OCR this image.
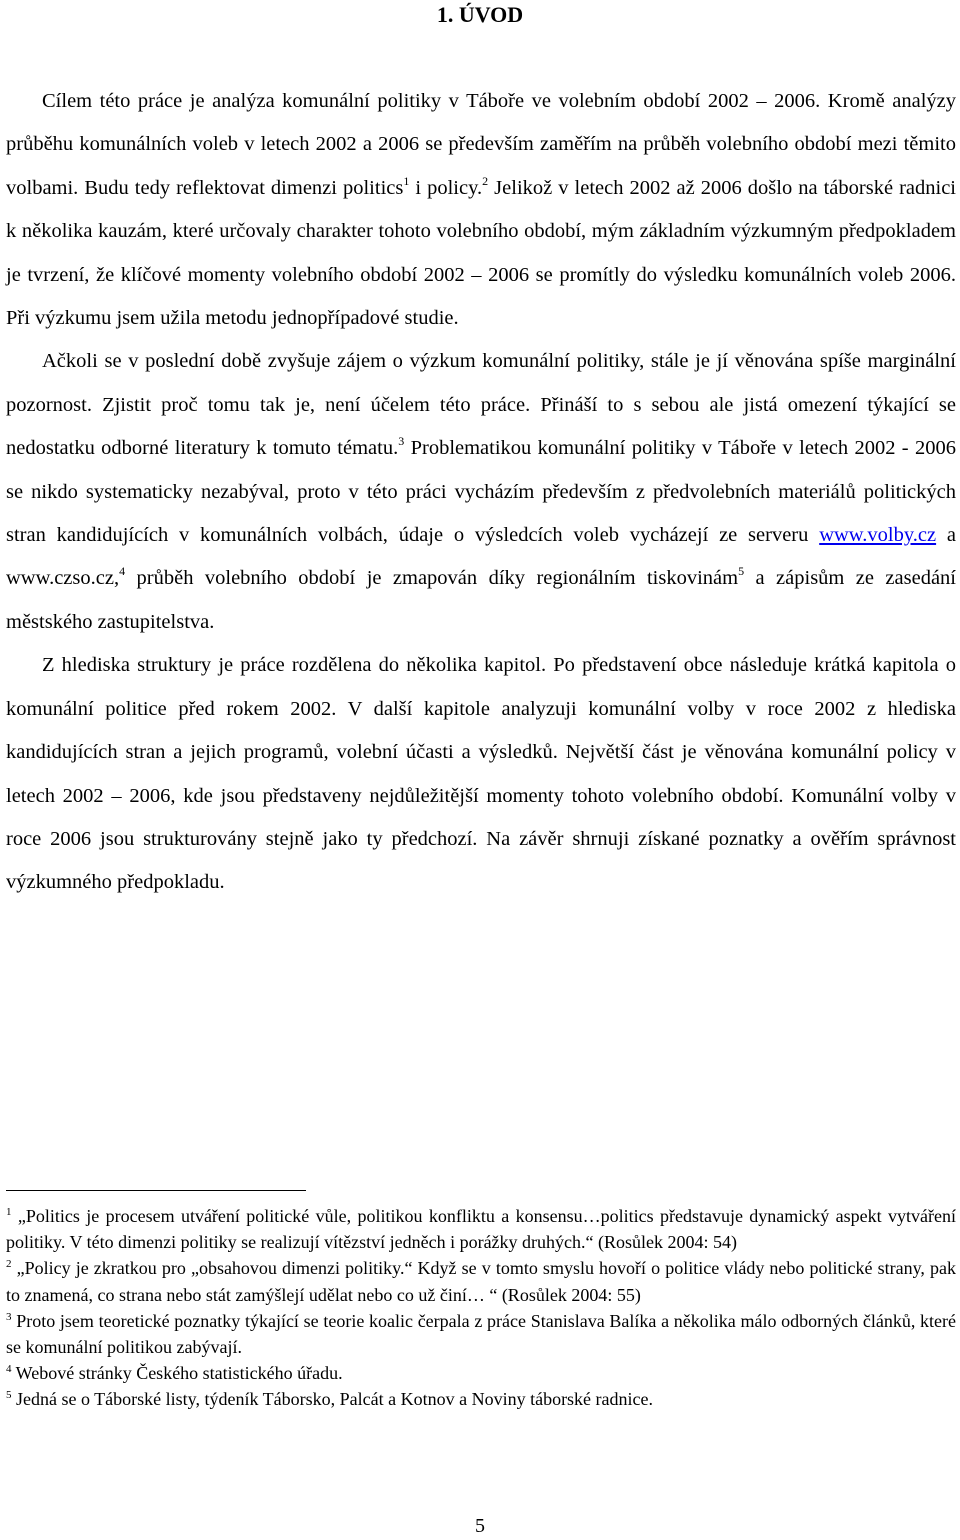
1. ÚVOD

Cílem této práce je analýza komunální politiky v Táboře ve volebním období 2002 – 2006. Kromě analýzy průběhu komunálních voleb v letech 2002 a 2006 se především zaměřím na průběh volebního období mezi těmito volbami. Budu tedy reflektovat dimenzi politics$^1$ i policy.$^2$ Jelikož v letech 2002 až 2006 došlo na táborské radnici k několika kauzám, které určovaly charakter tohoto volebního období, mým základním výzkumným předpokladem je tvrzení, že klíčové momenty volebního období 2002 – 2006 se promítly do výsledku komunálních voleb 2006. Při výzkumu jsem užila metodu jednopřípadové studie.

Ačkoli se v poslední době zvyšuje zájem o výzkum komunální politiky, stále je jí věnována spíše marginální pozornost. Zjistit proč tomu tak je, není účelem této práce. Přináší to s sebou ale jistá omezení týkající se nedostatku odborné literatury k tomuto tématu.$^3$ Problematikou komunální politiky v Táboře v letech 2002 - 2006 se nikdo systematicky nezabýval, proto v této práci vycházím především z předvolebních materiálů politických stran kandidujících v komunálních volbách, údaje o výsledcích voleb vycházejí ze serveru www.volby.cz a www.czso.cz,$^4$ průběh volebního období je zmapován díky regionálním tiskovinám$^5$ a zápisům ze zasedání městského zastupitelstva.

Z hlediska struktury je práce rozdělena do několika kapitol. Po představení obce následuje krátká kapitola o komunální politice před rokem 2002. V další kapitole analyzuji komunální volby v roce 2002 z hlediska kandidujících stran a jejich programů, volební účasti a výsledků. Největší část je věnována komunální policy v letech 2002 – 2006, kde jsou představeny nejdůležitější momenty tohoto volebního období. Komunální volby v roce 2006 jsou strukturovány stejně jako ty předchozí. Na závěr shrnuji získané poznatky a ověřím správnost výzkumného předpokladu.

$^1$ „Politics je procesem utváření politické vůle, politikou konfliktu a konsensu…politics představuje dynamický aspekt vytváření politiky. V této dimenzi politiky se realizují vítězství jedněch i porážky druhých.“ (Rosůlek 2004: 54)

$^2$ „Policy je zkratkou pro „obsahovou dimenzi politiky.“ Když se v tomto smyslu hovoří o politice vlády nebo politické strany, pak to znamená, co strana nebo stát zamýšlejí udělat nebo co už činí… “ (Rosůlek 2004: 55)

$^3$ Proto jsem teoretické poznatky týkající se teorie koalic čerpala z práce Stanislava Balíka a několika málo odborných článků, které se komunální politikou zabývají.

$^4$ Webové stránky Českého statistického úřadu.

$^5$ Jedná se o Táborské listy, týdeník Táborsko, Palcát a Kotnov a Noviny táborské radnice.

5
